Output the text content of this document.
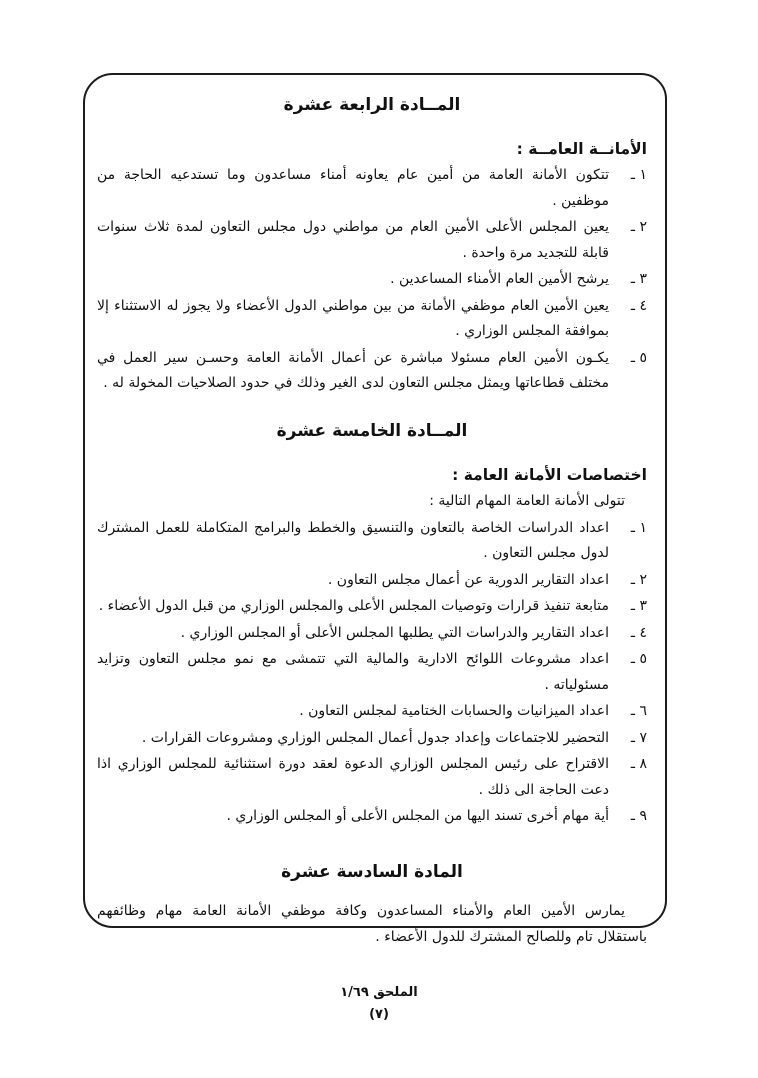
المــادة الرابعة عشرة
الأمانــة العامــة :
١ ـ
تتكون الأمانة العامة من أمين عام يعاونه أمناء مساعدون وما تستدعيه الحاجة من موظفين .
٢ ـ
يعين المجلس الأعلى الأمين العام من مواطني دول مجلس التعاون لمدة ثلاث سنوات قابلة للتجديد مرة واحدة .
٣ ـ
يرشح الأمين العام الأمناء المساعدين .
٤ ـ
يعين الأمين العام موظفي الأمانة من بين مواطني الدول الأعضاء ولا يجوز له الاستثناء إلا بموافقة المجلس الوزاري .
٥ ـ
يكـون الأمين العام مسئولا مباشرة عن أعمال الأمانة العامة وحسـن سير العمل في مختلف قطاعاتها ويمثل مجلس التعاون لدى الغير وذلك في حدود الصلاحيات المخولة له .
المــادة الخامسة عشرة
اختصاصات الأمانة العامة :
تتولى الأمانة العامة المهام التالية :
١ ـ
اعداد الدراسات الخاصة بالتعاون والتنسيق والخطط والبرامج المتكاملة للعمل المشترك لدول مجلس التعاون .
٢ ـ
اعداد التقارير الدورية عن أعمال مجلس التعاون .
٣ ـ
متابعة تنفيذ قرارات وتوصيات المجلس الأعلى والمجلس الوزاري من قبل الدول الأعضاء .
٤ ـ
اعداد التقارير والدراسات التي يطلبها المجلس الأعلى أو المجلس الوزاري .
٥ ـ
اعداد مشروعات اللوائح الادارية والمالية التي تتمشى مع نمو مجلس التعاون وتزايد مسئولياته .
٦ ـ
اعداد الميزانيات والحسابات الختامية لمجلس التعاون .
٧ ـ
التحضير للاجتماعات وإعداد جدول أعمال المجلس الوزاري ومشروعات القرارات .
٨ ـ
الاقتراح على رئيس المجلس الوزاري الدعوة لعقد دورة استثنائية للمجلس الوزاري اذا دعت الحاجة الى ذلك .
٩ ـ
أية مهام أخرى تسند اليها من المجلس الأعلى أو المجلس الوزاري .
المادة السادسة عشرة
يمارس الأمين العام والأمناء المساعدون وكافة موظفي الأمانة العامة مهام وظائفهم باستقلال تام وللصالح المشترك للدول الأعضاء .
الملحق ١/٦٩
(٧)
